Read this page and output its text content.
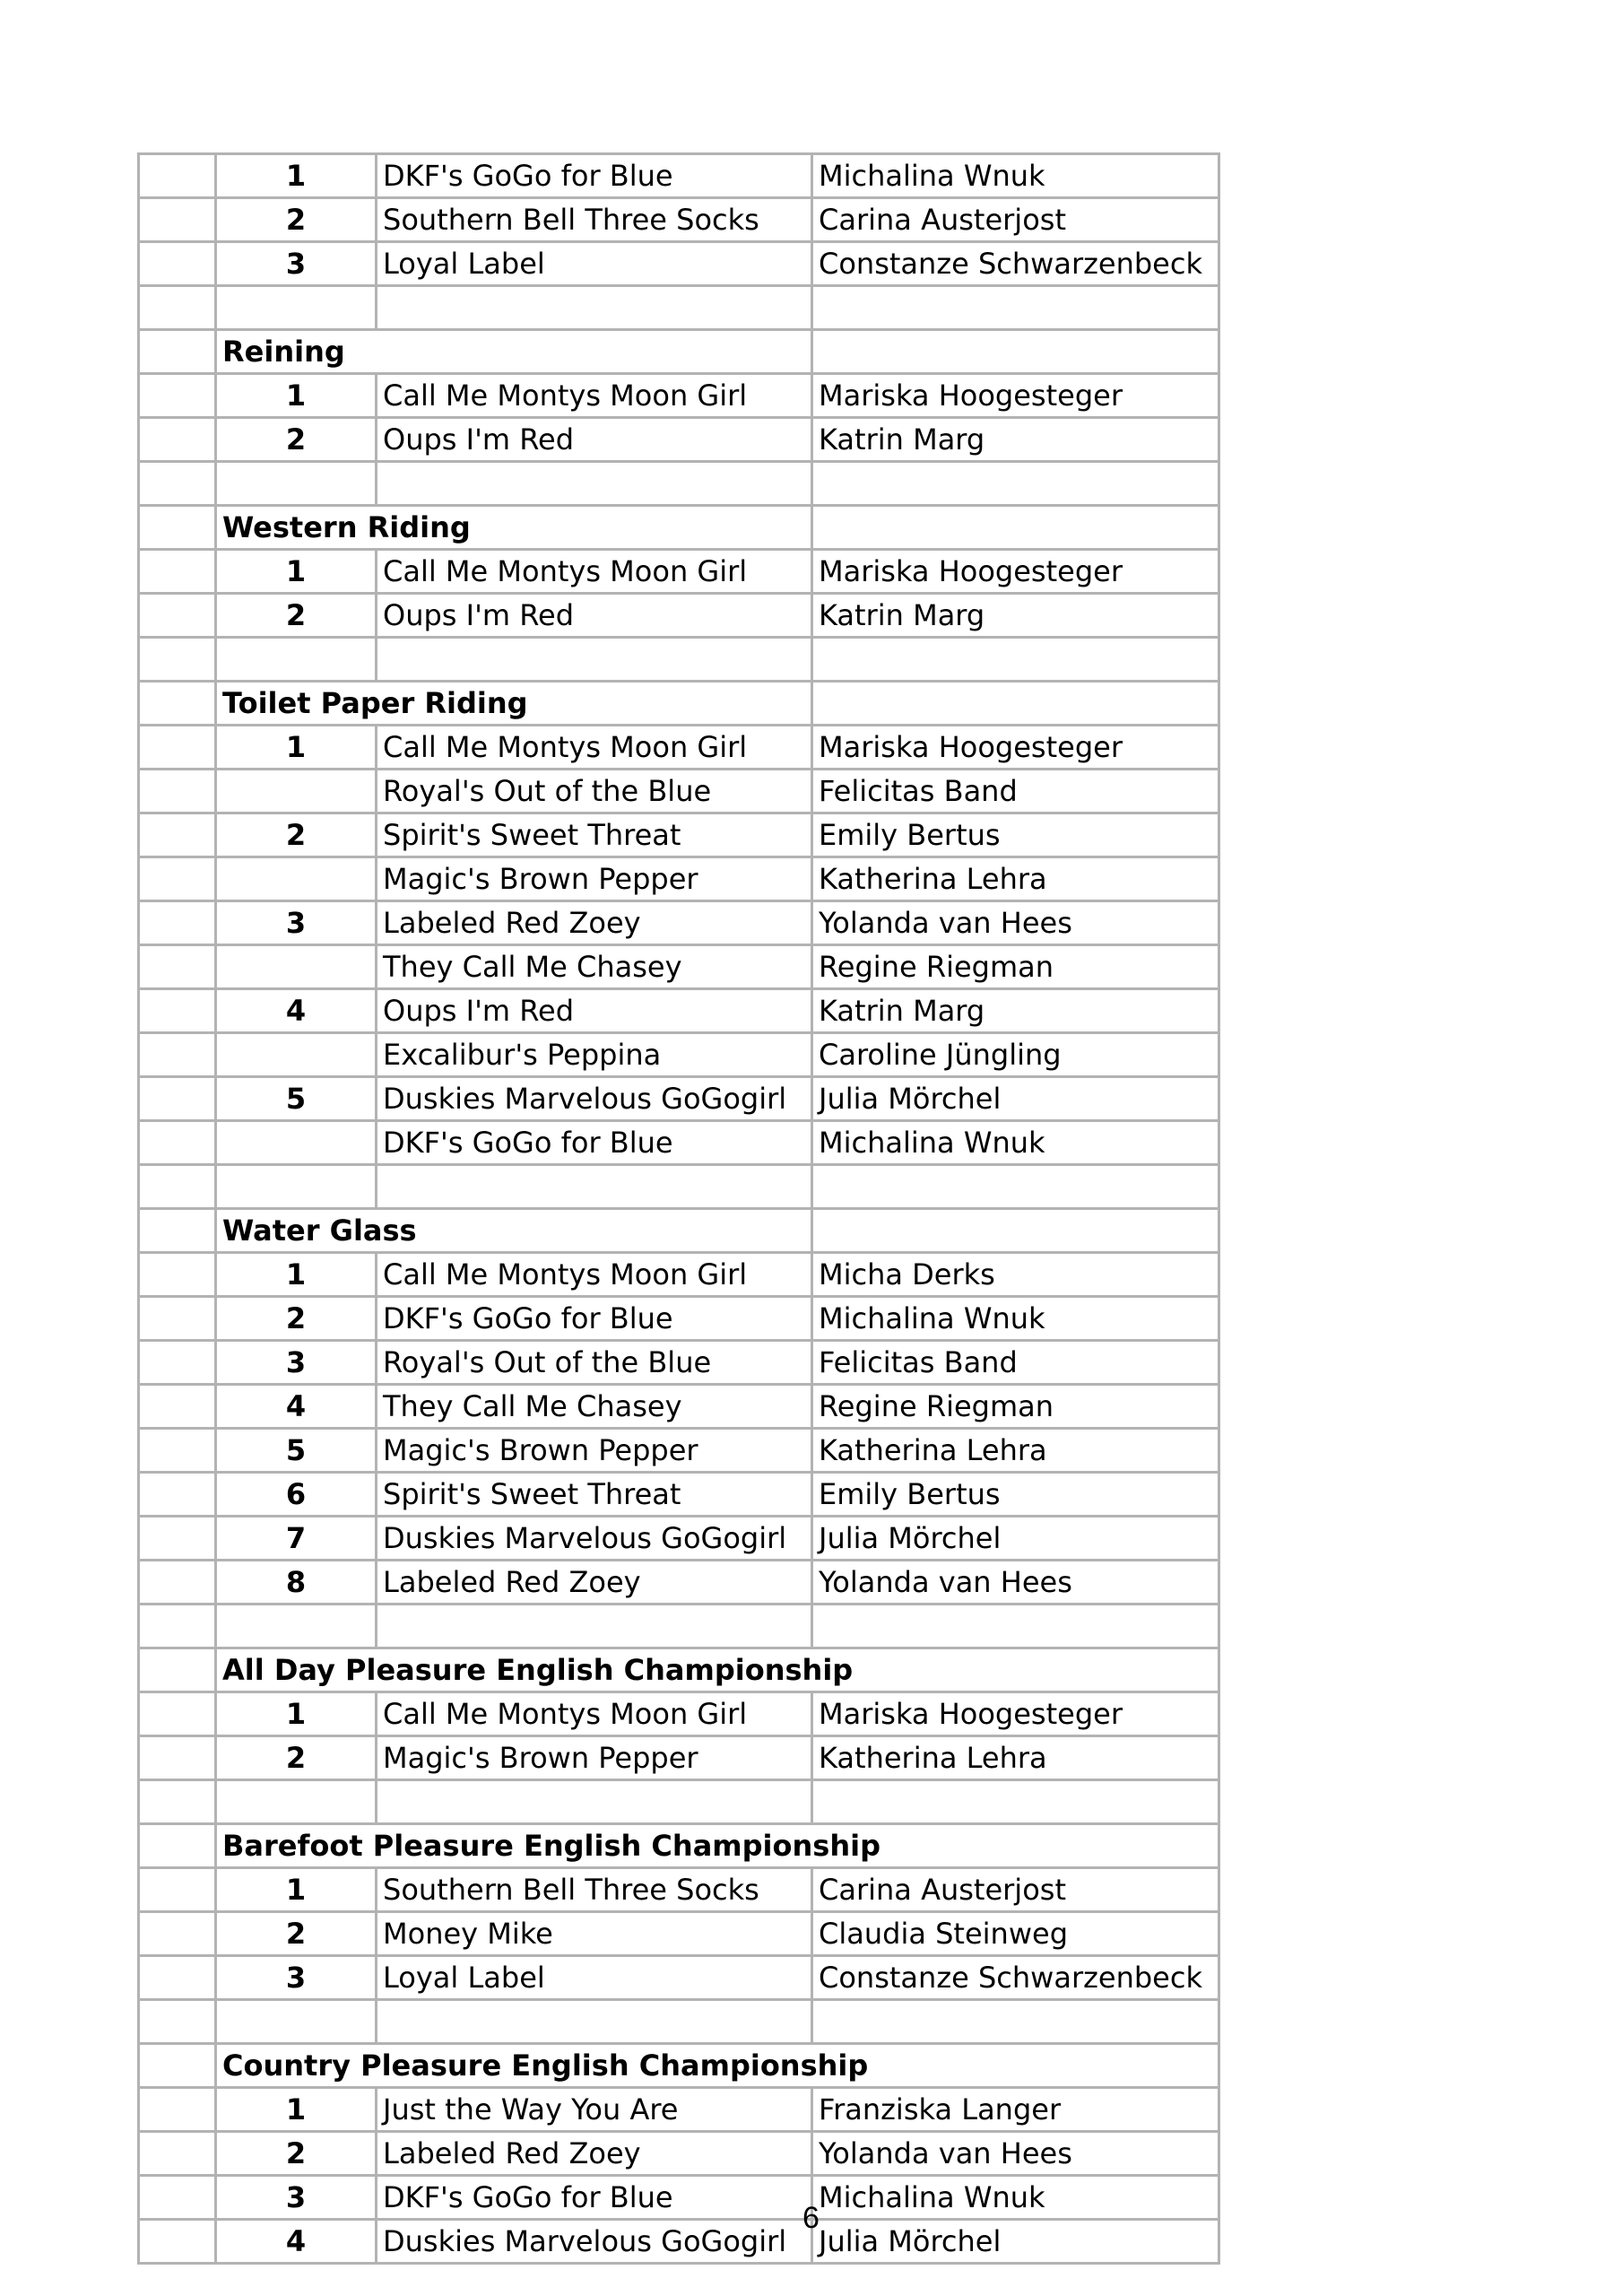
	1	DKF's GoGo for Blue	Michalina Wnuk
	2	Southern Bell Three Socks	Carina Austerjost
	3	Loyal Label	Constanze Schwarzenbeck

	Reining		
	1	Call Me Montys Moon Girl	Mariska Hoogesteger
	2	Oups I'm Red	Katrin Marg

	Western Riding		
	1	Call Me Montys Moon Girl	Mariska Hoogesteger
	2	Oups I'm Red	Katrin Marg

	Toilet Paper Riding		
	1	Call Me Montys Moon Girl	Mariska Hoogesteger
		Royal's Out of the Blue	Felicitas Band
	2	Spirit's Sweet Threat	Emily Bertus
		Magic's Brown Pepper	Katherina Lehra
	3	Labeled Red Zoey	Yolanda van Hees
		They Call Me Chasey	Regine Riegman
	4	Oups I'm Red	Katrin Marg
		Excalibur's Peppina	Caroline Jüngling
	5	Duskies Marvelous GoGogirl	Julia Mörchel
		DKF's GoGo for Blue	Michalina Wnuk

	Water Glass		
	1	Call Me Montys Moon Girl	Micha Derks
	2	DKF's GoGo for Blue	Michalina Wnuk
	3	Royal's Out of the Blue	Felicitas Band
	4	They Call Me Chasey	Regine Riegman
	5	Magic's Brown Pepper	Katherina Lehra
	6	Spirit's Sweet Threat	Emily Bertus
	7	Duskies Marvelous GoGogirl	Julia Mörchel
	8	Labeled Red Zoey	Yolanda van Hees

	All Day Pleasure English Championship		
	1	Call Me Montys Moon Girl	Mariska Hoogesteger
	2	Magic's Brown Pepper	Katherina Lehra

	Barefoot Pleasure English Championship		
	1	Southern Bell Three Socks	Carina Austerjost
	2	Money Mike	Claudia Steinweg
	3	Loyal Label	Constanze Schwarzenbeck

	Country Pleasure English Championship		
	1	Just the Way You Are	Franziska Langer
	2	Labeled Red Zoey	Yolanda van Hees
	3	DKF's GoGo for Blue	Michalina Wnuk
	4	Duskies Marvelous GoGogirl	Julia Mörchel
6
